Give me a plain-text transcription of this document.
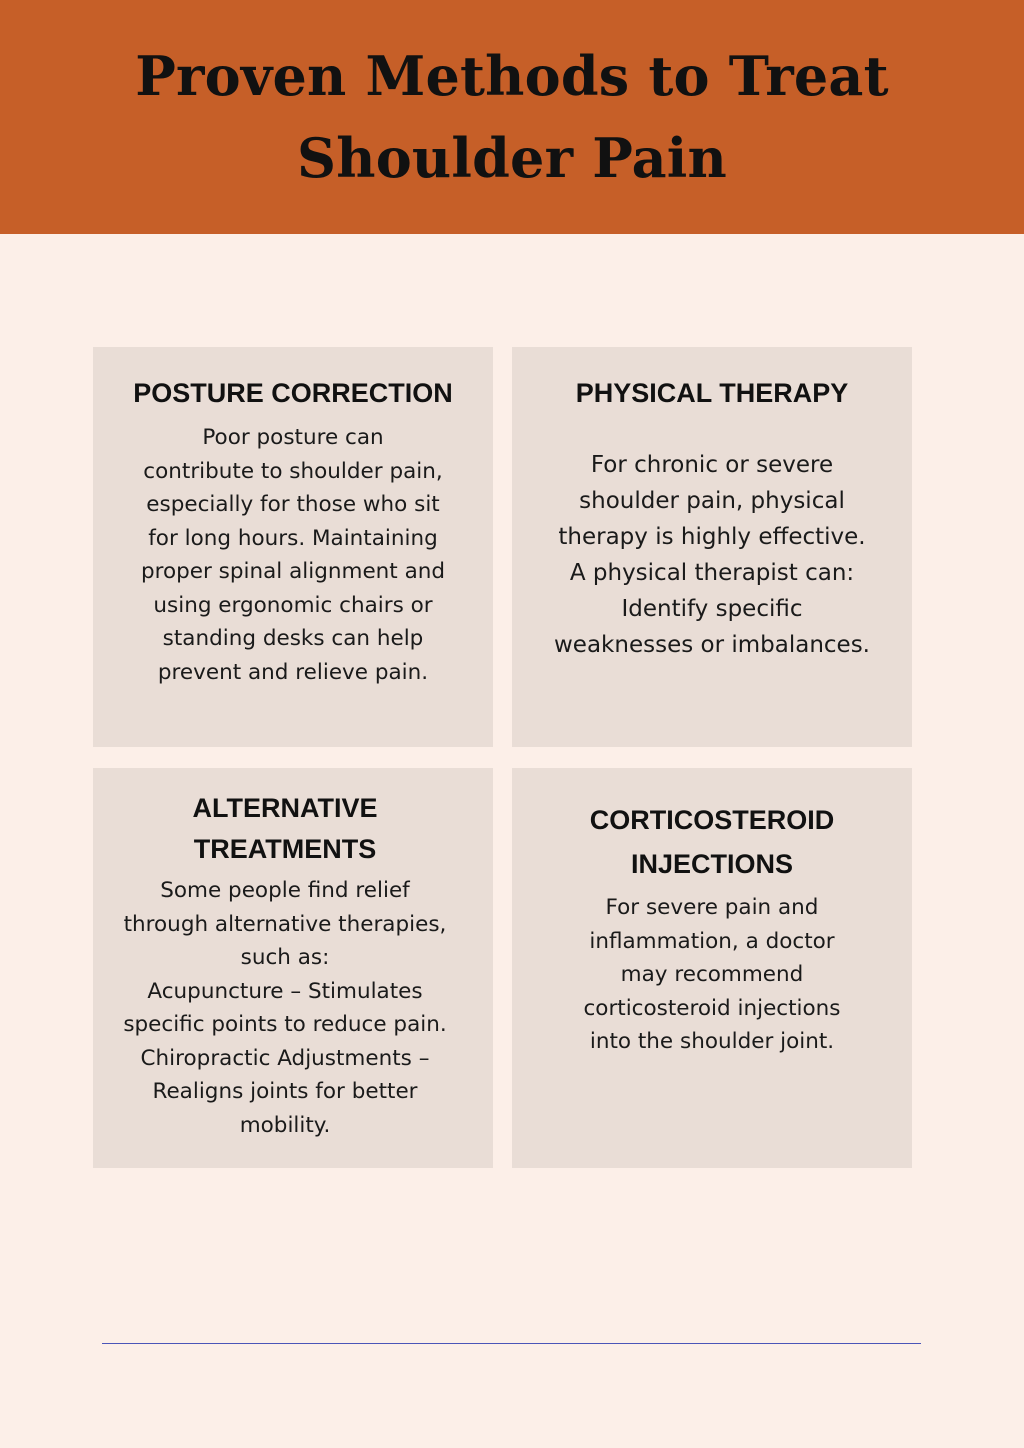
Proven Methods to Treat
Shoulder Pain
POSTURE CORRECTION

Poor posture can
contribute to shoulder pain,
especially for those who sit
for long hours. Maintaining
proper spinal alignment and
using ergonomic chairs or
standing desks can help
prevent and relieve pain.

PHYSICAL THERAPY

For chronic or severe
shoulder pain, physical
therapy is highly effective.
A physical therapist can:
Identify specific
weaknesses or imbalances.

ALTERNATIVE
TREATMENTS

Some people find relief
through alternative therapies,
such as:
Acupuncture – Stimulates
specific points to reduce pain.
Chiropractic Adjustments –
Realigns joints for better
mobility.

CORTICOSTEROID
INJECTIONS

For severe pain and
inflammation, a doctor
may recommend
corticosteroid injections
into the shoulder joint.
